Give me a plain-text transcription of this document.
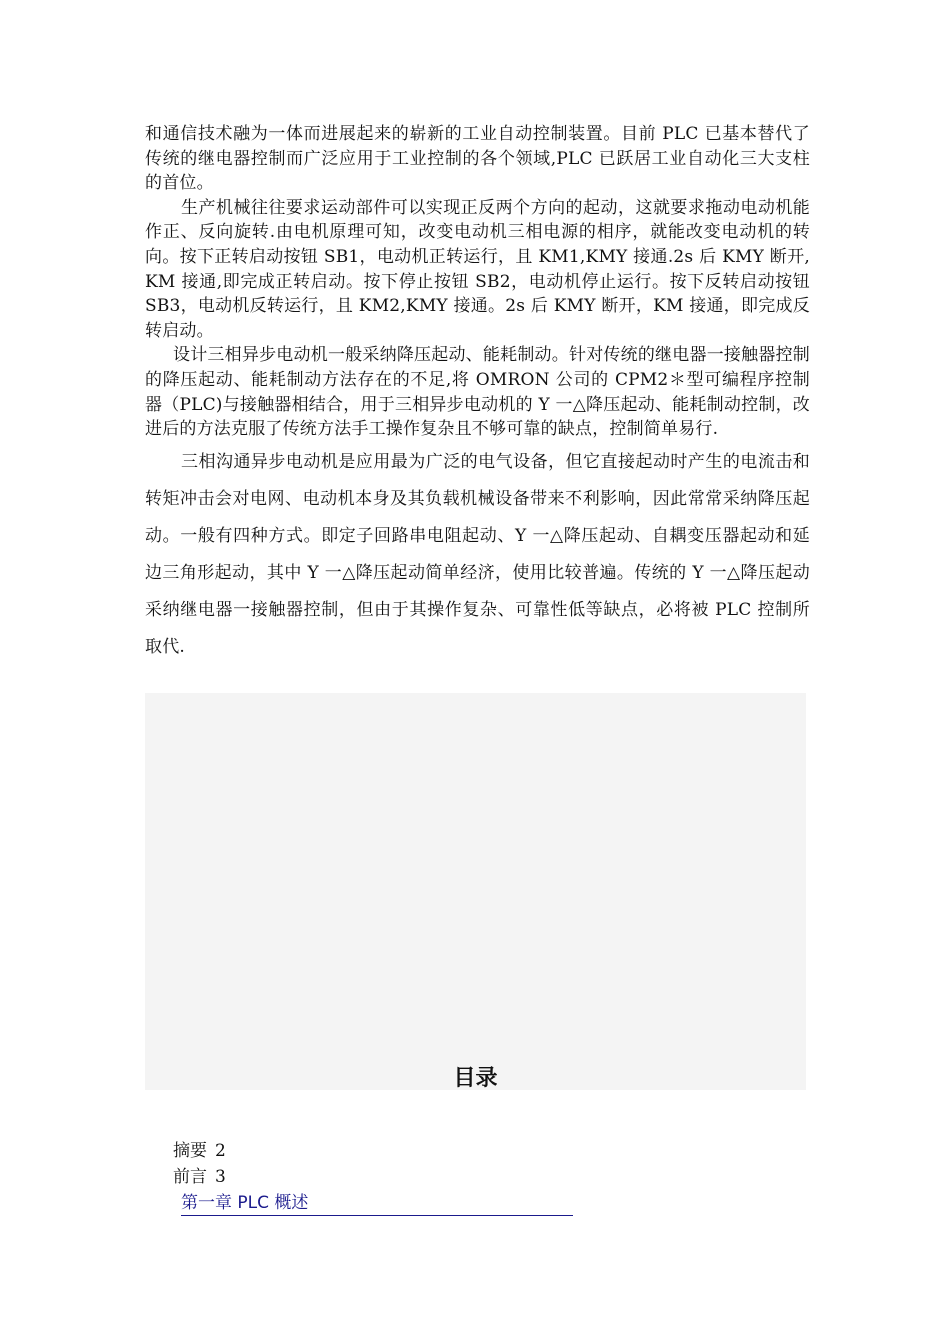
和通信技术融为一体而进展起来的崭新的工业自动控制装置。目前 PLC 已基本替代了传统的继电器控制而广泛应用于工业控制的各个领域,PLC 已跃居工业自动化三大支柱的首位。

生产机械往往要求运动部件可以实现正反两个方向的起动，这就要求拖动电动机能作正、反向旋转.由电机原理可知，改变电动机三相电源的相序，就能改变电动机的转向。按下正转启动按钮 SB1，电动机正转运行，且 KM1,KMY 接通.2s 后 KMY 断开,KM 接通,即完成正转启动。按下停止按钮 SB2，电动机停止运行。按下反转启动按钮 SB3，电动机反转运行，且 KM2,KMY 接通。2s 后 KMY 断开，KM 接通，即完成反转启动。

设计三相异步电动机一般采纳降压起动、能耗制动。针对传统的继电器一接触器控制的降压起动、能耗制动方法存在的不足,将 OMRON 公司的 CPM2＊型可编程序控制器（PLC)与接触器相结合，用于三相异步电动机的 Y 一△降压起动、能耗制动控制，改进后的方法克服了传统方法手工操作复杂且不够可靠的缺点，控制简单易行.

三相沟通异步电动机是应用最为广泛的电气设备，但它直接起动时产生的电流击和转矩冲击会对电网、电动机本身及其负载机械设备带来不利影响，因此常常采纳降压起动。一般有四种方式。即定子回路串电阻起动、Y 一△降压起动、自耦变压器起动和延边三角形起动，其中 Y 一△降压起动简单经济，使用比较普遍。传统的 Y 一△降压起动采纳继电器一接触器控制，但由于其操作复杂、可靠性低等缺点，必将被 PLC 控制所取代.

目录
摘要 2
前言 3
第一章 PLC 概述
